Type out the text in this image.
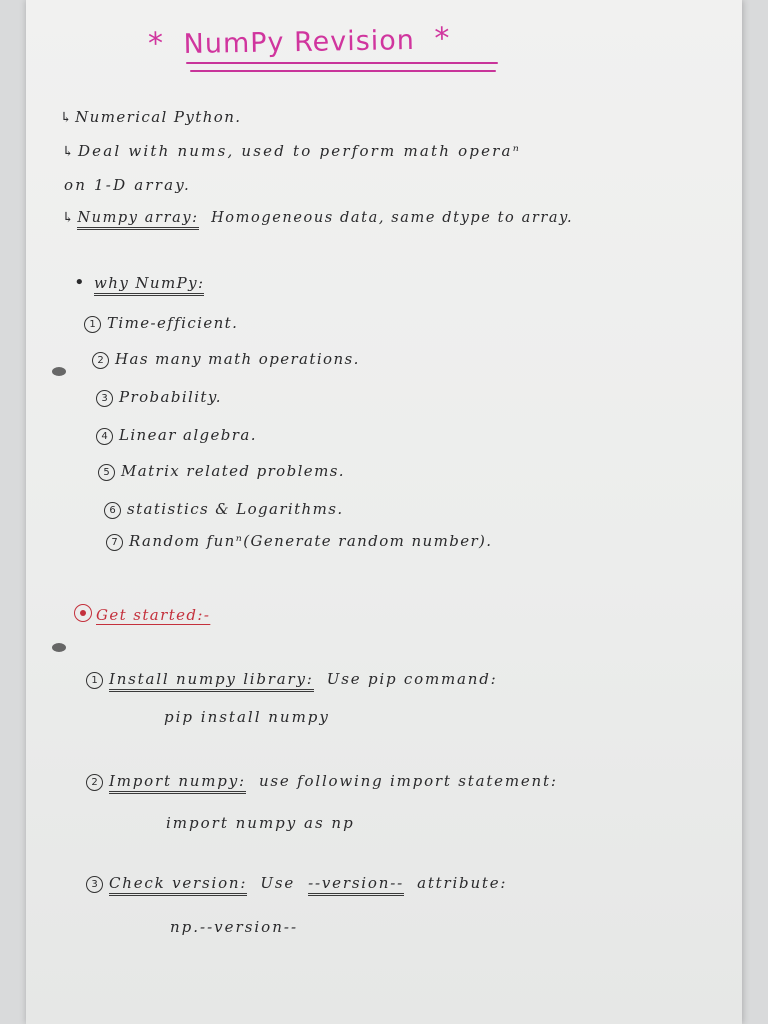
* NumPy Revision *
↳ Numerical Python.
↳ Deal with nums, used to perform math operaⁿ
on 1-D array.
↳ Numpy array: Homogeneous data, same dtype to array.
• why NumPy:
1 Time-efficient.
2 Has many math operations.
3 Probability.
4 Linear algebra.
5 Matrix related problems.
6 statistics & Logarithms.
7 Random funⁿ(Generate random number).
Get started:-
1 Install numpy library: Use pip command:
pip install numpy
2 Import numpy: use following import statement:
import numpy as np
3 Check version: Use --version-- attribute:
np.--version--
